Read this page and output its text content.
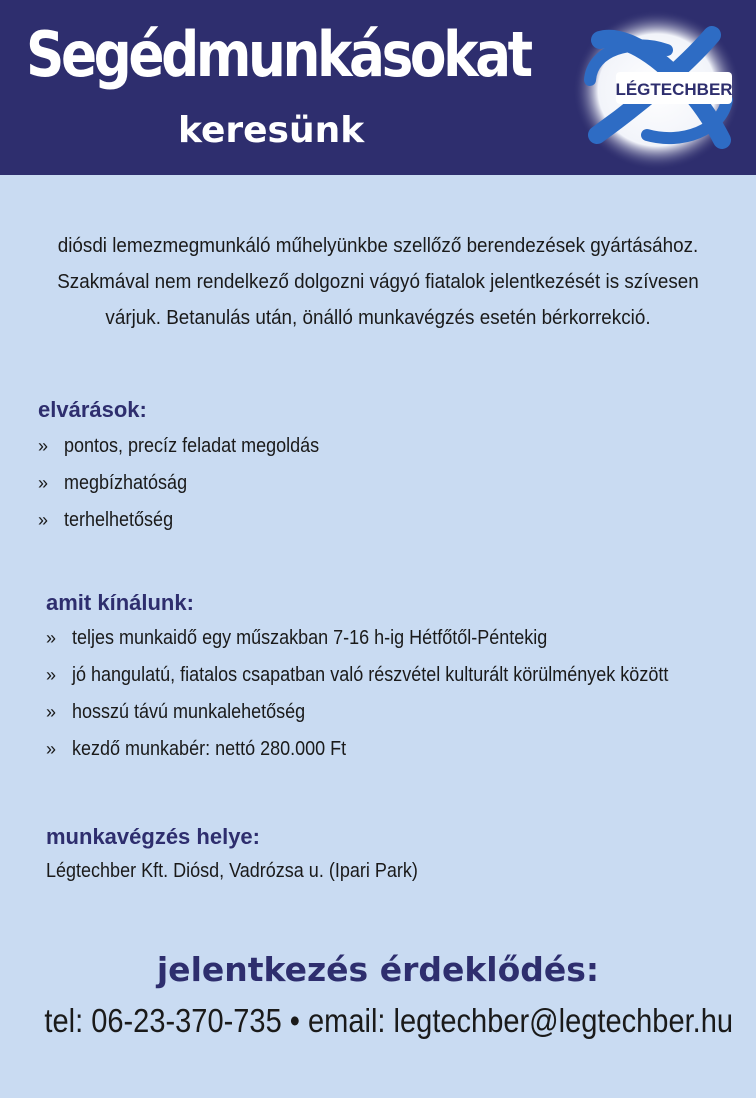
Segédmunkásokat
keresünk
LÉGTECHBER
diósdi lemezmegmunkáló műhelyünkbe szellőző berendezések gyártásához.
Szakmával nem rendelkező dolgozni vágyó fiatalok jelentkezését is szívesen
várjuk. Betanulás után, önálló munkavégzés esetén bérkorrekció.
elvárások:
» pontos, precíz feladat megoldás
» megbízhatóság
» terhelhetőség
amit kínálunk:
» teljes munkaidő egy műszakban 7-16 h-ig Hétfőtől-Péntekig
» jó hangulatú, fiatalos csapatban való részvétel kulturált körülmények között
» hosszú távú munkalehetőség
» kezdő munkabér: nettó 280.000 Ft
munkavégzés helye:
Légtechber Kft. Diósd, Vadrózsa u. (Ipari Park)
jelentkezés érdeklődés:
tel: 06-23-370-735 • email: legtechber@legtechber.hu
